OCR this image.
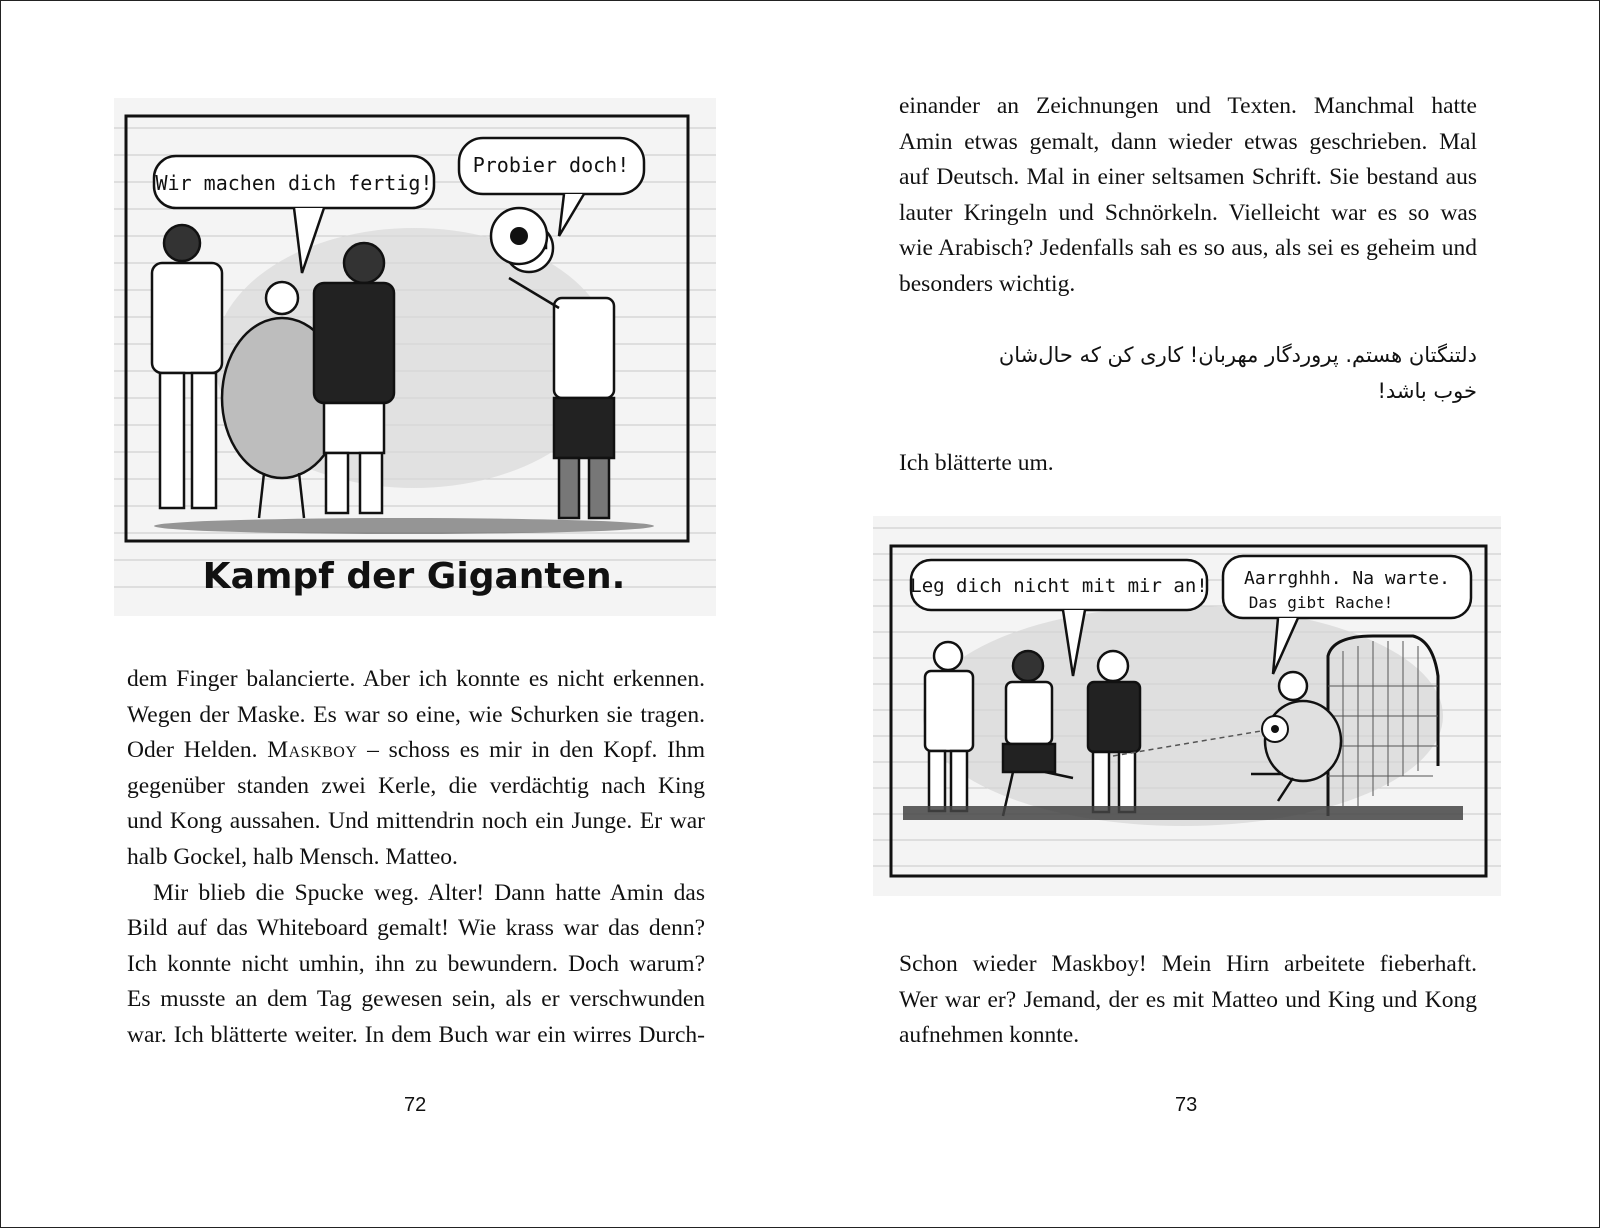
Wir machen dich fertig!
Probier doch!
Kampf der Giganten.

dem Finger balancierte. Aber ich konnte es nicht erkennen.
Wegen der Maske. Es war so eine, wie Schurken sie tragen.
Oder Helden. Maskboy – schoss es mir in den Kopf. Ihm
gegenüber standen zwei Kerle, die verdächtig nach King
und Kong aussahen. Und mittendrin noch ein Junge. Er war
halb Gockel, halb Mensch. Matteo.

Mir blieb die Spucke weg. Alter! Dann hatte Amin das
Bild auf das Whiteboard gemalt! Wie krass war das denn?
Ich konnte nicht umhin, ihn zu bewundern. Doch warum?
Es musste an dem Tag gewesen sein, als er verschwunden
war. Ich blätterte weiter. In dem Buch war ein wirres Durch-

72

einander an Zeichnungen und Texten. Manchmal hatte
Amin etwas gemalt, dann wieder etwas geschrieben. Mal
auf Deutsch. Mal in einer seltsamen Schrift. Sie bestand aus
lauter Kringeln und Schnörkeln. Vielleicht war es so was
wie Arabisch? Jedenfalls sah es so aus, als sei es geheim und
besonders wichtig.

دلتنگتان هستم. پروردگار مهربان! کاری کن که حال‌شان
خوب باشد!
Ich blätterte um.
Leg dich nicht mit mir an! Aarrghhh. Na warte.
Das gibt Rache!

Schon wieder Maskboy! Mein Hirn arbeitete fieberhaft.
Wer war er? Jemand, der es mit Matteo und King und Kong
aufnehmen konnte.

73
